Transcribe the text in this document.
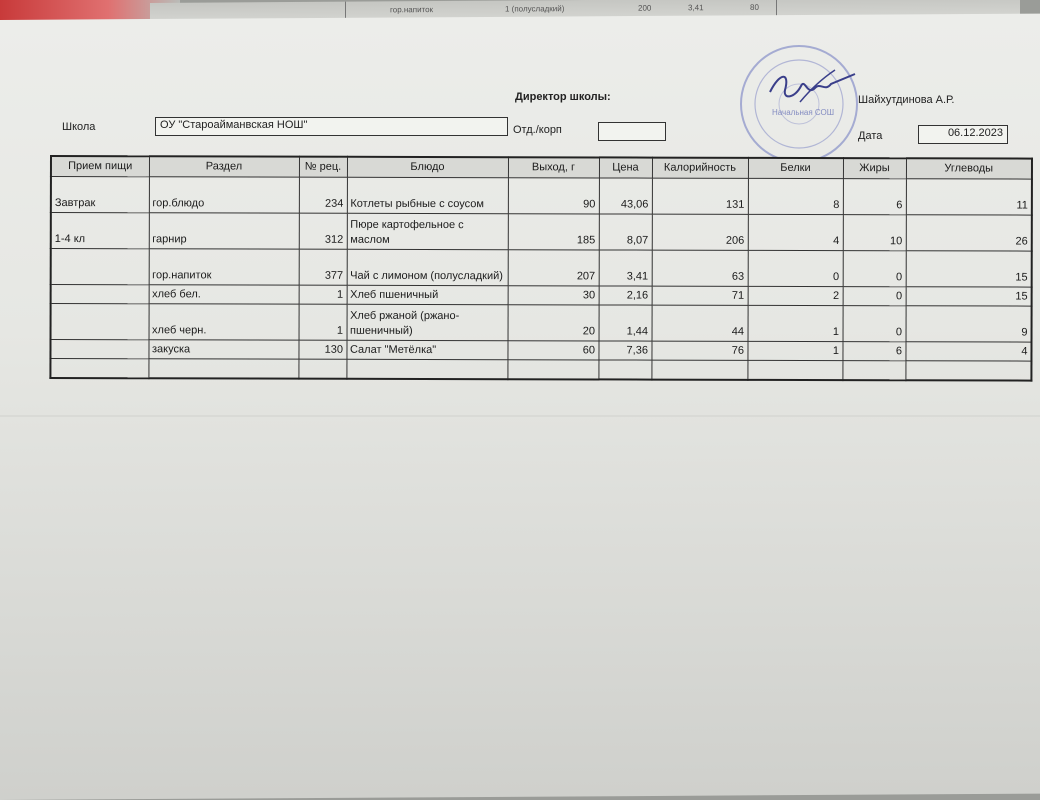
гор.напиток	1 (полусладкий)	200	3,41	80
Директор школы:	Шайхутдинова А.Р.
Школа	ОУ "Староайманвская НОШ"	Отд./корп	Дата	06.12.2023
Начальная СОШ
Прием пищи	Раздел	№ рец.	Блюдо	Выход, г	Цена	Калорийность	Белки	Жиры	Углеводы
Завтрак	гор.блюдо	234	Котлеты рыбные с соусом	90	43,06	131	8	6	11
1-4 кл	гарнир	312	Пюре картофельное с маслом	185	8,07	206	4	10	26
	гор.напиток	377	Чай с лимоном (полусладкий)	207	3,41	63	0	0	15
	хлеб бел.	1	Хлеб пшеничный	30	2,16	71	2	0	15
	хлеб черн.	1	Хлеб ржаной (ржано-пшеничный)	20	1,44	44	1	0	9
	закуска	130	Салат "Метёлка"	60	7,36	76	1	6	4
